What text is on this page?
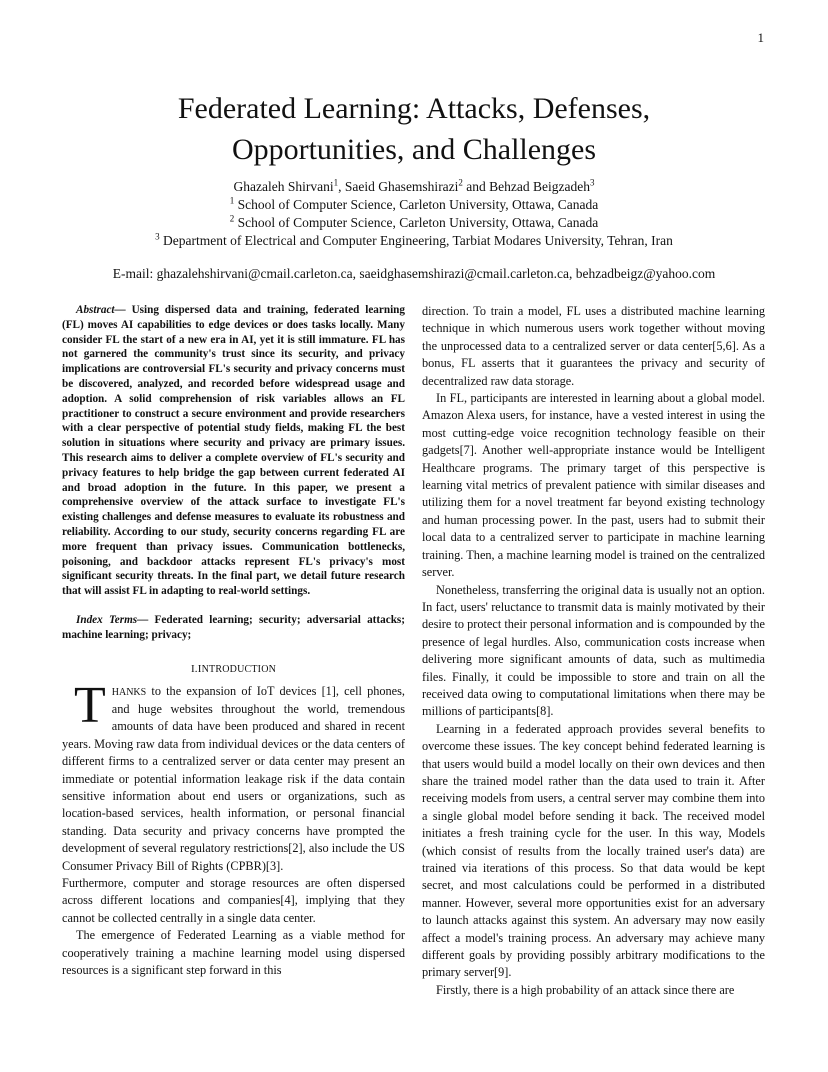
1
Federated Learning: Attacks, Defenses,
Opportunities, and Challenges
Ghazaleh Shirvani$^1$, Saeid Ghasemshirazi$^2$ and Behzad Beigzadeh$^3$
$^1$ School of Computer Science, Carleton University, Ottawa, Canada
$^2$ School of Computer Science, Carleton University, Ottawa, Canada
$^3$ Department of Electrical and Computer Engineering, Tarbiat Modares University, Tehran, Iran
E-mail: ghazalehshirvani@cmail.carleton.ca, saeidghasemshirazi@cmail.carleton.ca, behzadbeigz@yahoo.com

Abstract— Using dispersed data and training, federated learning (FL) moves AI capabilities to edge devices or does tasks locally. Many consider FL the start of a new era in AI, yet it is still immature. FL has not garnered the community's trust since its security, and privacy implications are controversial FL's security and privacy concerns must be discovered, analyzed, and recorded before widespread usage and adoption. A solid comprehension of risk variables allows an FL practitioner to construct a secure environment and provide researchers with a clear perspective of potential study fields, making FL the best solution in situations where security and privacy are primary issues. This research aims to deliver a complete overview of FL's security and privacy features to help bridge the gap between current federated AI and broad adoption in the future. In this paper, we present a comprehensive overview of the attack surface to investigate FL's existing challenges and defense measures to evaluate its robustness and reliability. According to our study, security concerns regarding FL are more frequent than privacy issues. Communication bottlenecks, poisoning, and backdoor attacks represent FL's privacy's most significant security threats. In the final part, we detail future research that will assist FL in adapting to real-world settings.

Index Terms— Federated learning; security; adversarial attacks; machine learning; privacy;

I.INTRODUCTION

THANKS to the expansion of IoT devices [1], cell phones, and huge websites throughout the world, tremendous amounts of data have been produced and shared in recent years. Moving raw data from individual devices or the data centers of different firms to a centralized server or data center may present an immediate or potential information leakage risk if the data contain sensitive information about end users or organizations, such as location-based services, health information, or personal financial standing. Data security and privacy concerns have prompted the development of several regulatory restrictions[2], also include the US Consumer Privacy Bill of Rights (CPBR)[3].

Furthermore, computer and storage resources are often dispersed across different locations and companies[4], implying that they cannot be collected centrally in a single data center.

The emergence of Federated Learning as a viable method for cooperatively training a machine learning model using dispersed resources is a significant step forward in this

direction. To train a model, FL uses a distributed machine learning technique in which numerous users work together without moving the unprocessed data to a centralized server or data center[5,6]. As a bonus, FL asserts that it guarantees the privacy and security of decentralized raw data storage.

In FL, participants are interested in learning about a global model. Amazon Alexa users, for instance, have a vested interest in using the most cutting-edge voice recognition technology feasible on their gadgets[7]. Another well-appropriate instance would be Intelligent Healthcare programs. The primary target of this perspective is learning vital metrics of prevalent patience with similar diseases and utilizing them for a novel treatment far beyond existing technology and human processing power. In the past, users had to submit their local data to a centralized server to participate in machine learning training. Then, a machine learning model is trained on the centralized server.

Nonetheless, transferring the original data is usually not an option. In fact, users' reluctance to transmit data is mainly motivated by their desire to protect their personal information and is compounded by the presence of legal hurdles. Also, communication costs increase when delivering more significant amounts of data, such as multimedia files. Finally, it could be impossible to store and train on all the received data owing to computational limitations when there may be millions of participants[8].

Learning in a federated approach provides several benefits to overcome these issues. The key concept behind federated learning is that users would build a model locally on their own devices and then share the trained model rather than the data used to train it. After receiving models from users, a central server may combine them into a single global model before sending it back. The received model initiates a fresh training cycle for the user. In this way, Models (which consist of results from the locally trained user's data) are trained via iterations of this process. So that data would be kept secret, and most calculations could be performed in a distributed manner. However, several more opportunities exist for an adversary to launch attacks against this system. An adversary may now easily affect a model's training process. An adversary may achieve many different goals by providing possibly arbitrary modifications to the primary server[9].

Firstly, there is a high probability of an attack since there are
